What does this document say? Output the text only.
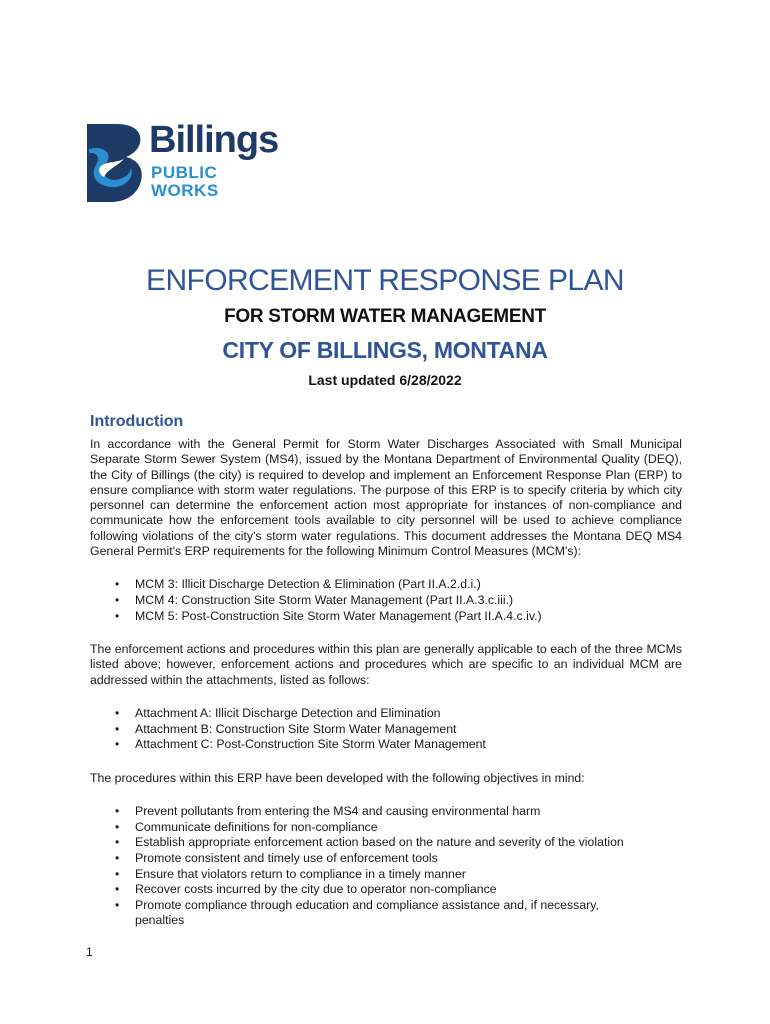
Billings
PUBLIC
WORKS
ENFORCEMENT RESPONSE PLAN
FOR STORM WATER MANAGEMENT
CITY OF BILLINGS, MONTANA
Last updated 6/28/2022
Introduction

In accordance with the General Permit for Storm Water Discharges Associated with Small Municipal Separate Storm Sewer System (MS4), issued by the Montana Department of Environmental Quality (DEQ), the City of Billings (the city) is required to develop and implement an Enforcement Response Plan (ERP) to ensure compliance with storm water regulations. The purpose of this ERP is to specify criteria by which city personnel can determine the enforcement action most appropriate for instances of non-compliance and communicate how the enforcement tools available to city personnel will be used to achieve compliance following violations of the city's storm water regulations. This document addresses the Montana DEQ MS4 General Permit's ERP requirements for the following Minimum Control Measures (MCM's):

• MCM 3: Illicit Discharge Detection & Elimination (Part II.A.2.d.i.)
• MCM 4: Construction Site Storm Water Management (Part II.A.3.c.iii.)
• MCM 5: Post-Construction Site Storm Water Management (Part II.A.4.c.iv.)

The enforcement actions and procedures within this plan are generally applicable to each of the three MCMs listed above; however, enforcement actions and procedures which are specific to an individual MCM are addressed within the attachments, listed as follows:

• Attachment A: Illicit Discharge Detection and Elimination
• Attachment B: Construction Site Storm Water Management
• Attachment C: Post-Construction Site Storm Water Management

The procedures within this ERP have been developed with the following objectives in mind:

• Prevent pollutants from entering the MS4 and causing environmental harm
• Communicate definitions for non-compliance
• Establish appropriate enforcement action based on the nature and severity of the violation
• Promote consistent and timely use of enforcement tools
• Ensure that violators return to compliance in a timely manner
• Recover costs incurred by the city due to operator non-compliance
• Promote compliance through education and compliance assistance and, if necessary, penalties
1
